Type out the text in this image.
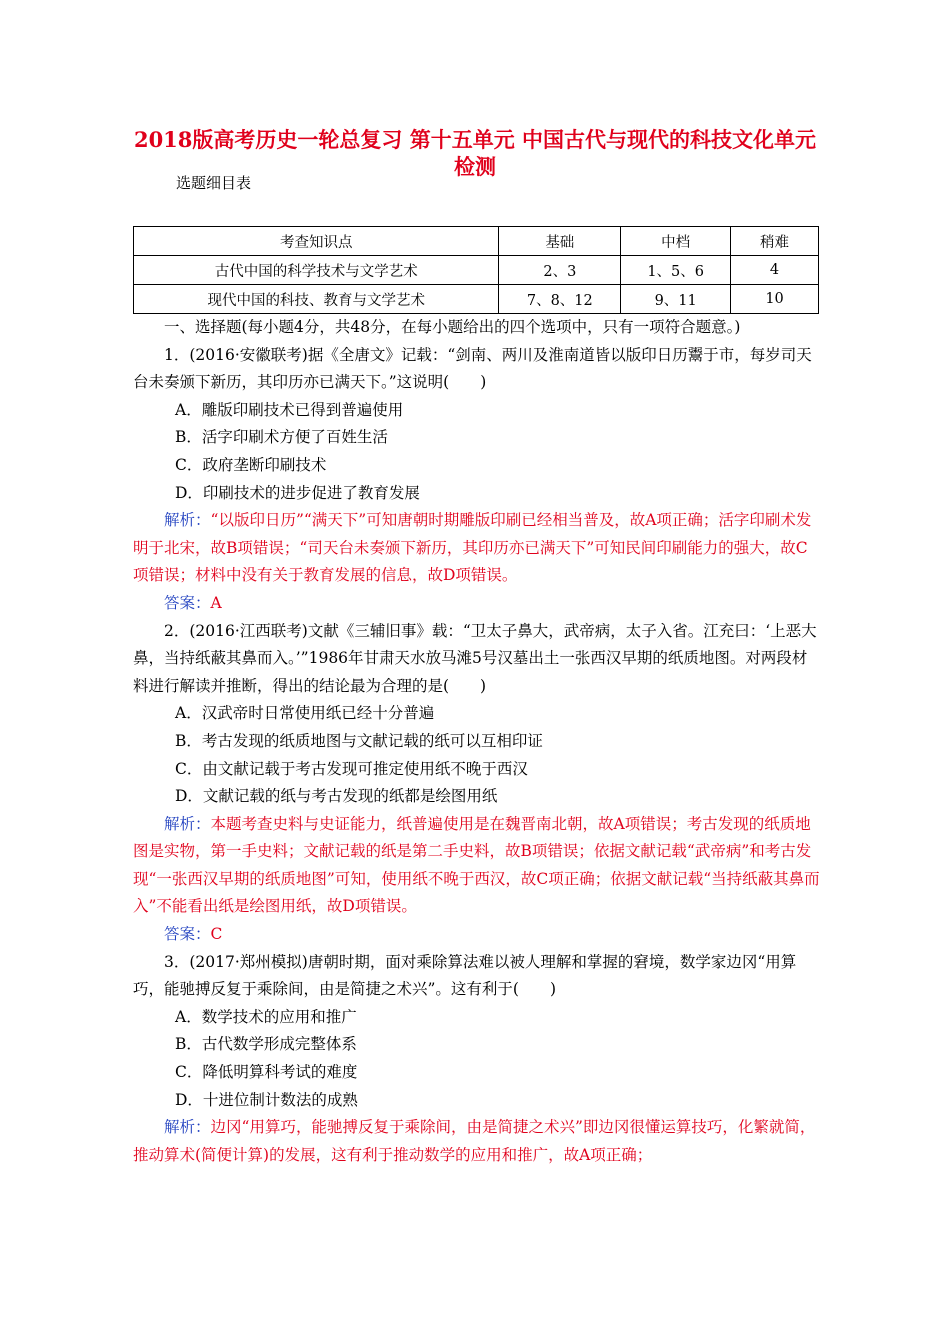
2018版高考历史一轮总复习 第十五单元 中国古代与现代的科技文化单元检测
选题细目表
考查知识点	基础	中档	稍难
古代中国的科学技术与文学艺术	2、3	1、5、6	4
现代中国的科技、教育与文学艺术	7、8、12	9、11	10

一、选择题(每小题4分，共48分，在每小题给出的四个选项中，只有一项符合题意。)

1．(2016·安徽联考)据《全唐文》记载：“剑南、两川及淮南道皆以版印日历鬻于市，每岁司天台未奏颁下新历，其印历亦已满天下。”这说明(　　)

A．雕版印刷技术已得到普遍使用

B．活字印刷术方便了百姓生活

C．政府垄断印刷技术

D．印刷技术的进步促进了教育发展

解析：“以版印日历”“满天下”可知唐朝时期雕版印刷已经相当普及，故A项正确；活字印刷术发明于北宋，故B项错误；“司天台未奏颁下新历，其印历亦已满天下”可知民间印刷能力的强大，故C项错误；材料中没有关于教育发展的信息，故D项错误。

答案：A

2．(2016·江西联考)文献《三辅旧事》载：“卫太子鼻大，武帝病，太子入省。江充曰：‘上恶大鼻，当持纸蔽其鼻而入。’”1986年甘肃天水放马滩5号汉墓出土一张西汉早期的纸质地图。对两段材料进行解读并推断，得出的结论最为合理的是(　　)

A．汉武帝时日常使用纸已经十分普遍

B．考古发现的纸质地图与文献记载的纸可以互相印证

C．由文献记载于考古发现可推定使用纸不晚于西汉

D．文献记载的纸与考古发现的纸都是绘图用纸

解析：本题考查史料与史证能力，纸普遍使用是在魏晋南北朝，故A项错误；考古发现的纸质地图是实物，第一手史料；文献记载的纸是第二手史料，故B项错误；依据文献记载“武帝病”和考古发现“一张西汉早期的纸质地图”可知，使用纸不晚于西汉，故C项正确；依据文献记载“当持纸蔽其鼻而入”不能看出纸是绘图用纸，故D项错误。

答案：C

3．(2017·郑州模拟)唐朝时期，面对乘除算法难以被人理解和掌握的窘境，数学家边冈“用算巧，能驰搏反复于乘除间，由是简捷之术兴”。这有利于(　　)

A．数学技术的应用和推广

B．古代数学形成完整体系

C．降低明算科考试的难度

D．十进位制计数法的成熟

解析：边冈“用算巧，能驰搏反复于乘除间，由是简捷之术兴”即边冈很懂运算技巧，化繁就简，推动算术(简便计算)的发展，这有利于推动数学的应用和推广，故A项正确；
